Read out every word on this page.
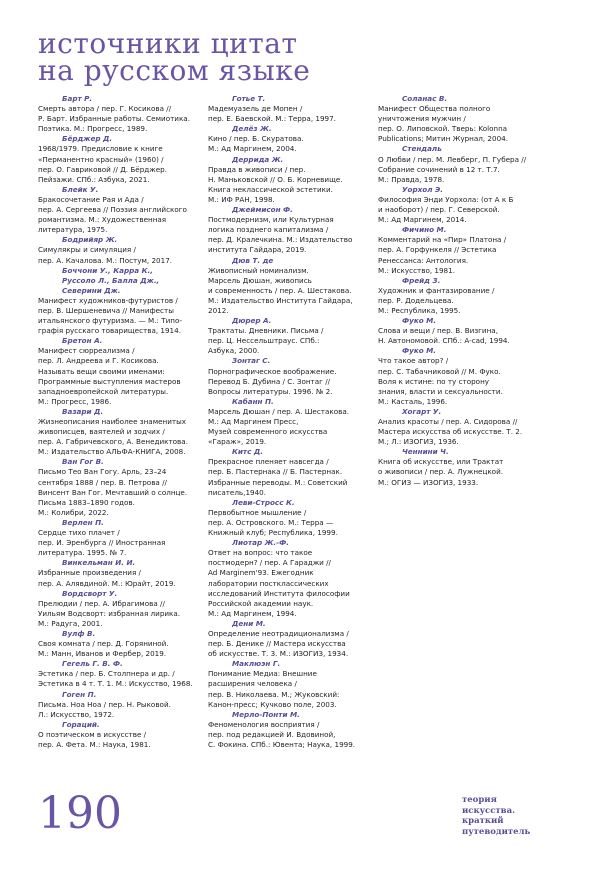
источники цитат
на русском языке
Барт Р.
Смерть автора / пер. Г. Косикова //
Р. Барт. Избранные работы. Семиотика.
Поэтика. М.: Прогресс, 1989.
Бёрджер Д.
1968/1979. Предисловие к книге
«Перманентно красный» (1960) /
пер. О. Гавриковой // Д. Бёрджер.
Пейзажи. СПб.: Азбука, 2021.
Блейк У.
Бракосочетание Рая и Ада /
пер. А. Сергеева // Поэзия английского
романтизма. М.: Художественная
литература, 1975.
Бодрийяр Ж.
Симулякры и симуляция /
пер. А. Качалова. М.: Постум, 2017.
Боччони У., Карра К.,
Руссоло Л., Балла Дж.,
Северини Дж.
Манифест художников-футуристов /
пер. В. Шершеневича // Манифесты
итальянского футуризма. — М.: Типо-
графія русскаго товарищества, 1914.
Бретон А.
Манифест сюрреализма /
пер. Л. Андреева и Г. Косикова.
Называть вещи своими именами:
Программные выступления мастеров
западноевропейской литературы.
М.: Прогресс, 1986.
Вазари Д.
Жизнеописания наиболее знаменитых
живописцев, ваятелей и зодчих /
пер. А. Габричевского, А. Венедиктова.
М.: Издательство АЛЬФА-КНИГА, 2008.
Ван Гог В.
Письмо Тео Ван Гогу. Арль, 23–24
сентября 1888 / пер. В. Петрова //
Винсент Ван Гог. Мечтавший о солнце.
Письма 1883–1890 годов.
М.: Колибри, 2022.
Верлен П.
Сердце тихо плачет /
пер. И. Эренбурга // Иностранная
литература. 1995. № 7.
Винкельман И. И.
Избранные произведения /
пер. А. Алявдиной. М.: Юрайт, 2019.
Вордсворт У.
Прелюдии / пер. А. Ибрагимова //
Уильям Водсворт: избранная лирика.
М.: Радуга, 2001.
Вулф В.
Своя комната / пер. Д. Горяниной.
М.: Манн, Иванов и Фербер, 2019.
Гегель Г. В. Ф.
Эстетика / пер. Б. Столпнера и др. /
Эстетика в 4 т. Т. 1. М.: Искусство, 1968.
Гоген П.
Письма. Ноа Ноа / пер. Н. Рыковой.
Л.: Искусство, 1972.
Гораций.
О поэтическом в искусстве /
пер. А. Фета. М.: Наука, 1981.
Готье Т.
Мадемуазель де Мопен /
пер. Е. Баевской. М.: Терра, 1997.
Делёз Ж.
Кино / пер. Б. Скуратова.
М.: Ад Маргинем, 2004.
Деррида Ж.
Правда в живописи / пер.
Н. Маньковской // О. Б. Корневище.
Книга неклассической эстетики.
М.: ИФ РАН, 1998.
Джеймисон Ф.
Постмодернизм, или Культурная
логика позднего капитализма /
пер. Д. Кралечкина. М.: Издательство
института Гайдара, 2019.
Дюв Т. де
Живописный номинализм.
Марсель Дюшан, живопись
и современность / пер. А. Шестакова.
М.: Издательство Института Гайдара,
2012.
Дюрер А.
Трактаты. Дневники. Письма /
пер. Ц. Нессельштраус. СПб.:
Азбука, 2000.
Зонтаг С.
Порнографическое воображение.
Перевод Б. Дубина / С. Зонтаг //
Вопросы литературы. 1996. № 2.
Кабанн П.
Марсель Дюшан / пер. А. Шестакова.
М.: Ад Маргинем Пресс,
Музей современного искусства
«Гараж», 2019.
Китс Д.
Прекрасное пленяет навсегда /
пер. Б. Пастернака // Б. Пастернак.
Избранные переводы. М.: Советский
писатель,1940.
Леви-Стросс К.
Первобытное мышление /
пер. А. Островского. М.: Терра —
Книжный клуб; Республика, 1999.
Лиотар Ж.-Ф.
Ответ на вопрос: что такое
постмодерн? / пер. А Гараджи //
Ad Marginem'93. Ежегодник
лаборатории постклассических
исследований Института философии
Российской академии наук.
М.: Ад Маргинем, 1994.
Дени М.
Определение неотрадиционализма /
пер. Б. Денике // Мастера искусства
об искусстве. Т. 3. М.: ИЗОГИЗ, 1934.
Маклюэн Г.
Понимание Медиа: Внешние
расширения человека /
пер. В. Николаева. М.; Жуковский:
Канон-пресс; Кучково поле, 2003.
Мерло-Понти М.
Феноменология восприятия /
пер. под редакцией И. Вдовиной,
С. Фокина. СПб.: Ювента; Наука, 1999.
Соланас В.
Манифест Общества полного
уничтожения мужчин /
пер. О. Липовской. Тверь: Kolonna
Publications; Митин Журнал, 2004.
Стендаль
О Любви / пер. М. Левберг, П. Губера //
Собрание сочинений в 12 т. Т.7.
М.: Правда, 1978.
Уорхол Э.
Философия Энди Уорхола: (от А к Б
и наоборот) / пер. Г. Северской.
М.: Ад Маргинем, 2014.
Фичино М.
Комментарий на «Пир» Платона /
пер. А. Горфункеля // Эстетика
Ренессанса: Антология.
М.: Искусство, 1981.
Фрейд З.
Художник и фантазирование /
пер. Р. Додельцева.
М.: Республика, 1995.
Фуко М.
Слова и вещи / пер. В. Визгина,
Н. Автономовой. СПб.: A-cad, 1994.
Фуко М.
Что такое автор? /
пер. С. Табачниковой // М. Фуко.
Воля к истине: по ту сторону
знания, власти и сексуальности.
М.: Касталь, 1996.
Хогарт У.
Анализ красоты / пер. А. Сидорова //
Мастера искусства об искусстве. Т. 2.
М.; Л.: ИЗОГИЗ, 1936.
Ченнини Ч.
Книга об искусстве, или Трактат
о живописи / пер. А. Лужнецкой.
М.: ОГИЗ — ИЗОГИЗ, 1933.
190	теория
искусства.
краткий
путеводитель
